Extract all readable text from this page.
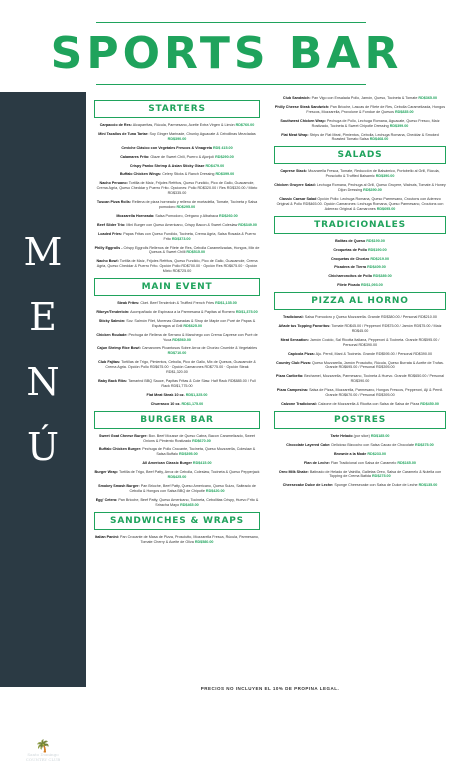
SPORTS BAR
M
E
N
Ú
🌴
Santo Domingo
COUNTRY CLUB
STARTERS
Carpaccio de Res: Alcaparritas, Rúcula, Parmesano, Aceite Extra Virgen & Limón RD$760.00
Mini Tacallos de Tuna Tartar: Soy Ginger Marinade, Chunky Aguacate & Cebollinas Mezcladas RD$390.00
Ceviche Clásico con Vegetales Frescos & Vinagreta RD$ 415.00
Calamares Frito: Glaze de Sweet Chili, Puerro & Ajonjolí RD$290.00
Crispy Panko Shrimp & Asian Sticky Glaze RD$479.00
Buffalo Chicken Wings: Celery Sticks & Ranch Dressing RD$399.00
Nacho Peruano: Tortilla de Maíz, Frijoles Refritos, Queso Fundido, Pico de Gallo, Guacamole, Crema Agria, Queso Cheddar y Puerro Frito. Opciones: Pollo RD$320.00 / Res RD$320.00 / Mixto RD$335.00
Tuscan Pizza Rolls: Rellena de pizza horneado y relleno de mortadella, Tomate, Tocineta y Salsa pomodoro RD$295.00
Mozzarella Horneada: Salsa Pomodoro, Orégano y Albahaca RD$260.00
Beef Slider Trio: Mini Burger con Queso Americano, Crispy Bacon & Sweet Coleslaw RD$349.00
Loaded Fries: Papas Fritas con Queso Fundido, Tocineta, Crema Agria, Salsa Rosada & Puerro Frito RD$373.00
Philly Eggrolls - Crispy Eggrolls Rellenos de Filete de Res, Cebolla Caramelizadas, Hongos, Mix de Quesos & Sweet Chilli RD$515.00
Nacho Bowl: Tortilla de Maíz, Frijoles Refritos, Queso Fundido, Pico de Gallo, Guacamole, Crema Agria, Queso Cheddar & Puerro Frito. Opción Pollo RD$700.00 · Opción Res RD$675.00 · Opción Mixto RD$725.00
MAIN EVENT
Steak Frites: Cket. Beef Tenderloin & Truffled French Fries RD$1,135.00
Ribeye/Tenderloin: Acompañado de Espinaca a la Parmesana & Papitas al Romero RD$1,375.00
Sticky Salmón: Sov. Salmón Filet, Morenas Glaseadas & Sirop de Maple con Puré de Papas & Espárragos al Grill RD$625.00
Chicken Roulade: Pechuga de Rellena de Serrano & Manchego con Crema Caprese con Puré de Yuca RD$560.00
Cajun Shrimp Rice Bowl: Camarones Picantosos Sobre Arroz de Chorizo Crumble & Vegetables RD$710.00
Club Fajitas: Tortillas de Trigo, Pimientos, Cebolla, Pico de Gallo, Mix de Quesos, Guacamole & Crema Agria. Opción Pollo RD$675.00 · Opción Camarones RD$775.00 · Opción Steak RD$1,320.00
Baby Back Ribs: Tamarind BBQ Sauce, Papitas Fritas & Cole Slaw. Half Rack RD$885.00 / Full Rack RD$1,775.00
Flat Meat Steak 10 oz. RD$1,325.00
Churrasco 10 oz. RD$1,175.00
BURGER BAR
Sweet Goat Cheese Burger: Bov. Beef Mousse de Queso Cabra, Bacon Caramelizado, Sweet Onions & Pimiento Rostizado RD$670.00
Buffalo Chicken Burger: Pechuga de Pollo Crocante, Tocineta, Queso Mozzarella, Coleslaw & Salsa Buffalo RD$395.00
All American Classic Burger RD$415.00
Burger Wrap: Tortilla de Trigo, Beef Patty, Arroz de Cebolla, Coleslaw, Tocineta & Queso Pepperjack RD$425.00
Smokey Smash Burger: Pan Brioche, Beef Patty, Queso Americano, Queso Suizo, Salteado de Cebolla & Hongos con Salsa BBQ de Chipotle RD$420.00
Egg' Cetera: Pan Brioche, Beef Patty, Queso Americano, Tocineta, Cebollitas Crispy, Huevo Frito & Sriracha Mayo RD$465.00
SANDWICHES & WRAPS
Italian Panini: Pan Crocante de Masa de Pizza, Prosciutto, Mozzarella Fresca, Rúcula, Parmesano, Tomate Cherry & Aceite de Oliva RD$580.00
Club Sandwich: Pan Vigo con Ensalada Pollo, Jamón, Queso, Tocineta & Tomate RD$365.00
Philly Cheese Steak Sandwich: Pan Brioche, Lascas de Filete de Res, Cebolla Caramelizada, Hongos Frescos, Mozzarella, Provolone & Fondue de Quesos RD$835.00
Southwest Chicken Wrap: Pechuga de Pollo, Lechuga Romana, Aguacate, Queso Fresco, Maíz Rostizado, Tocineta & Sweet Chipotle Dressing RD$399.00
Flat Meat Wrap: Strips de Flat Meat, Pimientos, Cebolla, Lechuga Romana, Cheddar & Smoked Roasted Tomato Salsa RD$468.00
SALADS
Caprese Stack: Mozzarella Fresca, Tomate, Reducción de Balsámico, Portobello al Grill, Rúcula, Prosciutto & Truffled Balsamic RD$390.00
Chicken Gruyere Salad: Lechuga Romana, Pechuga al Grill, Queso Gruyere, Walnuts, Tomate & Honey Dijon Dressing RD$390.00
Classic Caesar Salad Opción Pollo: Lechuga Romana, Queso Parmesano, Croutons con Aderezo Original & Pollo RD$465.00. Opción Camarones: Lechuga Romana, Queso Parmesano, Croutons con Aderezo Original & Camarones RD$695.00
TRADICIONALES
Bolitas de Queso RD$190.00
Croquetas de Pollo RD$190.00
Croquetas de Chorizo RD$219.00
Picadera de Tierra RD$409.00
Chicharroncitos de Pollo RD$389.00
Filete Picado RD$1,093.00
PIZZA AL HORNO
Tradicional: Salsa Pomodoro y Queso Mozzarella. Grande RD$380.00 / Personal RD$210.00
Añade tus Topping Favoritos: Tomate RD$45.00 / Pepperoni RD$75.00 / Jamón RD$75.00 / Maíz RD$45.00
Meat Sensation: Jamón Cocido, Sal Ricotta Italiana, Pepperoni & Tocineta. Grande RD$595.00 / Personal RD$390.00
Capicola Pizza: Aju. Pernil, Mani & Tocineta. Grande RD$595.00 / Personal RD$390.00
Country Club Pizza: Queso Mozzarella, Jamón Prosciutto, Rúcula, Queso Burrata & Aceite de Trufas. Grande RD$695.00 / Personal RD$395.00
Pizza Caribeña: Bechamel, Mozzarella, Parmesano, Tocineta & Huevo. Grande RD$650.00 / Personal RD$390.00
Pizza Campesina: Salsa de Pizza, Mozzarella, Parmesano, Hongos Frescos, Pepperoni, Ají & Pernil. Grande RD$670.00 / Personal RD$395.00
Calzone Tradicional: Calzone de Mozzarella & Ricotta con Salsa de Salsa de Pizza RD$450.00
POSTRES
Tarte Helado (por slice) RD$185.00
Chocolate Layered Cake: Delicioso Bizcocho con Salsa Cacao de Chocolate RD$375.00
Brownie a la Mode RD$233.00
Flan de Leche: Flan Tradicional con Salsa de Caramelo RD$165.00
Oreo Milk Shake: Batinado de Helado de Vainilla, Galletas Oreo, Salsa de Caramelo & Nutella con Topping de Crema Batida RD$275.00
Cheesecake Dulce de Leche: Sponge Cheesecake con Salsa de Dulce de Leche RD$135.00
PRECIOS NO INCLUYEN EL 10% DE PROPINA LEGAL.
